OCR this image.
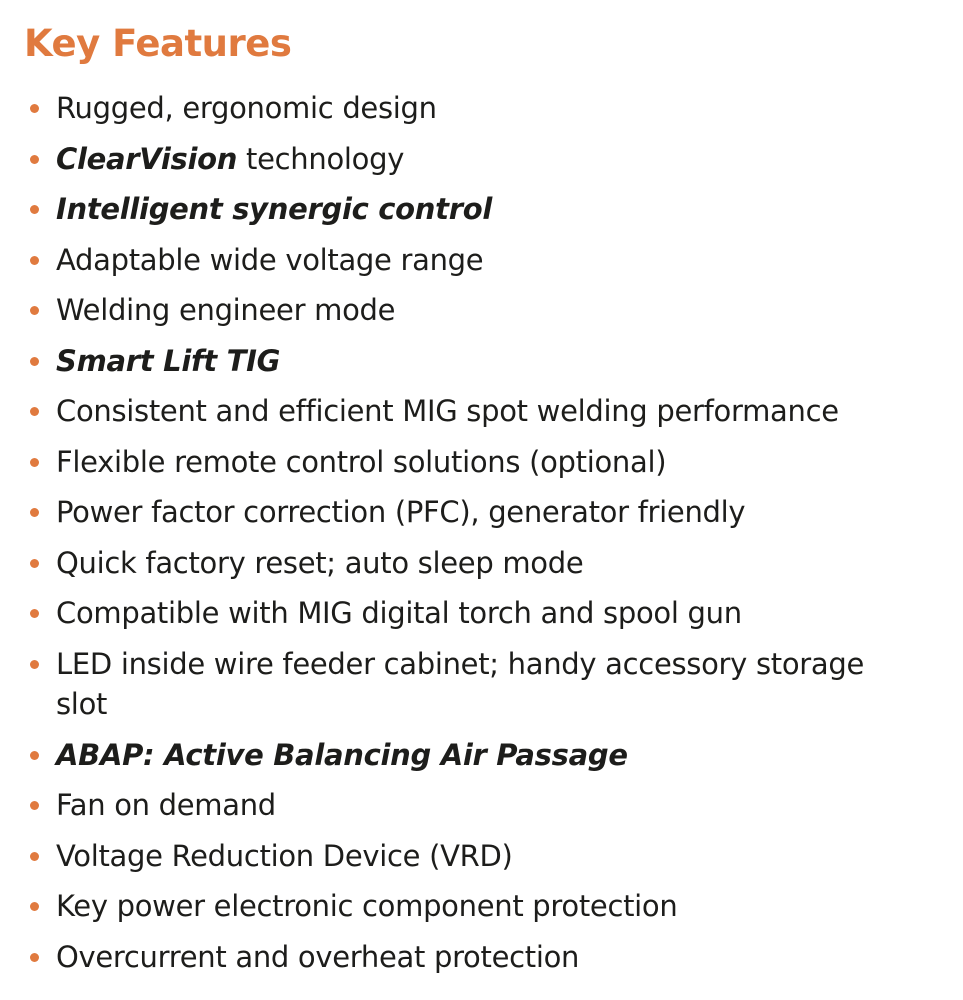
Key Features
Rugged, ergonomic design
ClearVision technology
Intelligent synergic control
Adaptable wide voltage range
Welding engineer mode
Smart Lift TIG
Consistent and efficient MIG spot welding performance
Flexible remote control solutions (optional)
Power factor correction (PFC), generator friendly
Quick factory reset; auto sleep mode
Compatible with MIG digital torch and spool gun
LED inside wire feeder cabinet; handy accessory storage slot
ABAP: Active Balancing Air Passage
Fan on demand
Voltage Reduction Device (VRD)
Key power electronic component protection
Overcurrent and overheat protection
